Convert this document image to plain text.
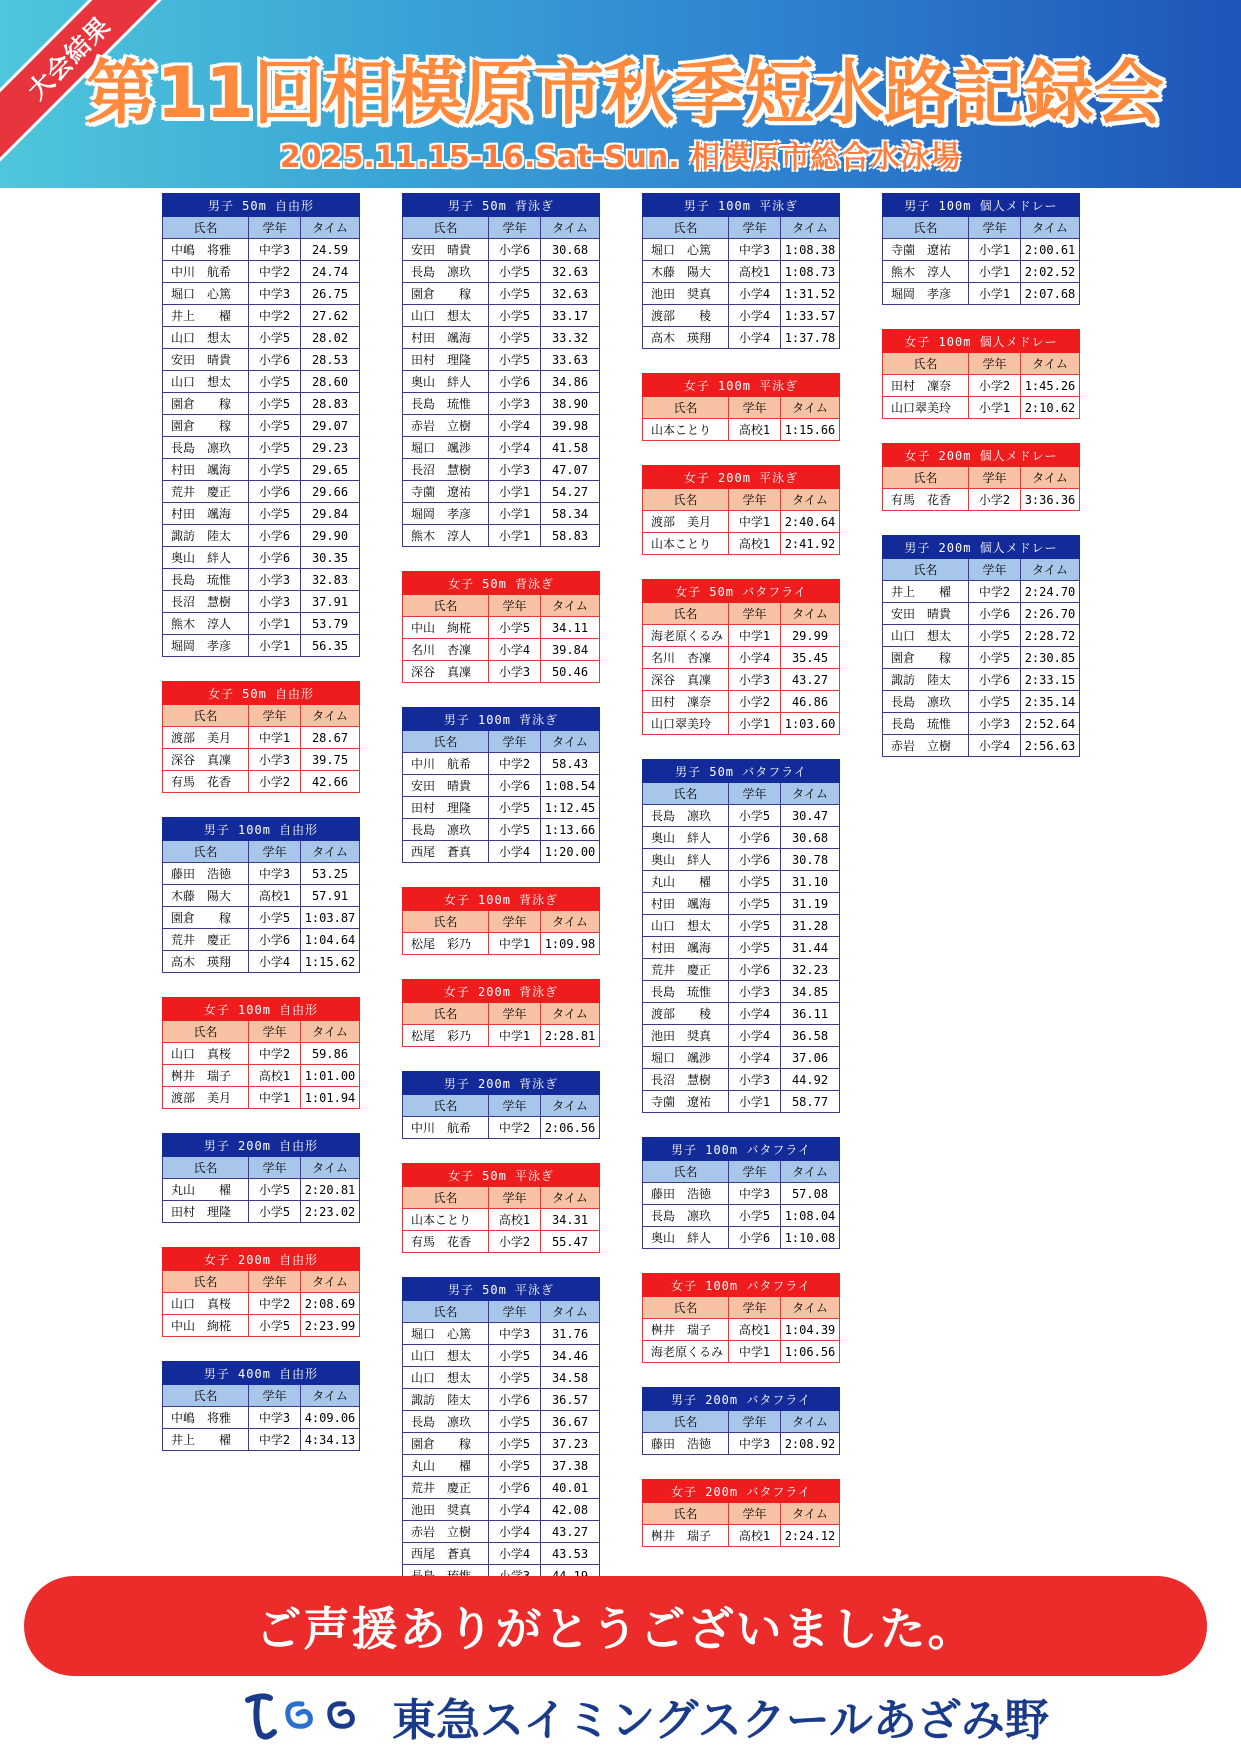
大会結果
第11回相模原市秋季短水路記録会
2025.11.15-16.Sat-Sun. 相模原市総合水泳場
男子 50m 自由形		
氏名	学年	タイム
中嶋　将雅	中学3	24.59
中川　航希	中学2	24.74
堀口　心篤	中学3	26.75
井上　　櫂	中学2	27.62
山口　想太	小学5	28.02
安田　晴貴	小学6	28.53
山口　想太	小学5	28.60
園倉　　稼	小学5	28.83
園倉　　稼	小学5	29.07
長島　凛玖	小学5	29.23
村田　颯海	小学5	29.65
荒井　慶正	小学6	29.66
村田　颯海	小学5	29.84
諏訪　陸太	小学6	29.90
奥山　絆人	小学6	30.35
長島　琉惟	小学3	32.83
長沼　慧樹	小学3	37.91
熊木　淳人	小学1	53.79
堀岡　孝彦	小学1	56.35
女子 50m 自由形		
氏名	学年	タイム
渡部　美月	中学1	28.67
深谷　真凜	小学3	39.75
有馬　花香	小学2	42.66
男子 100m 自由形		
氏名	学年	タイム
藤田　浩徳	中学3	53.25
木藤　陽大	高校1	57.91
園倉　　稼	小学5	1:03.87
荒井　慶正	小学6	1:04.64
高木　瑛翔	小学4	1:15.62
女子 100m 自由形		
氏名	学年	タイム
山口　真桜	中学2	59.86
桝井　瑞子	高校1	1:01.00
渡部　美月	中学1	1:01.94
男子 200m 自由形		
氏名	学年	タイム
丸山　　櫂	小学5	2:20.81
田村　理隆	小学5	2:23.02
女子 200m 自由形		
氏名	学年	タイム
山口　真桜	中学2	2:08.69
中山　絢椛	小学5	2:23.99
男子 400m 自由形		
氏名	学年	タイム
中嶋　将雅	中学3	4:09.06
井上　　櫂	中学2	4:34.13
男子 50m 背泳ぎ		
氏名	学年	タイム
安田　晴貴	小学6	30.68
長島　凛玖	小学5	32.63
園倉　　稼	小学5	32.63
山口　想太	小学5	33.17
村田　颯海	小学5	33.32
田村　理隆	小学5	33.63
奥山　絆人	小学6	34.86
長島　琉惟	小学3	38.90
赤岩　立樹	小学4	39.98
堀口　颯渉	小学4	41.58
長沼　慧樹	小学3	47.07
寺薗　遼祐	小学1	54.27
堀岡　孝彦	小学1	58.34
熊木　淳人	小学1	58.83
女子 50m 背泳ぎ		
氏名	学年	タイム
中山　絢椛	小学5	34.11
名川　杏凜	小学4	39.84
深谷　真凜	小学3	50.46
男子 100m 背泳ぎ		
氏名	学年	タイム
中川　航希	中学2	58.43
安田　晴貴	小学6	1:08.54
田村　理隆	小学5	1:12.45
長島　凛玖	小学5	1:13.66
西尾　蒼真	小学4	1:20.00
女子 100m 背泳ぎ		
氏名	学年	タイム
松尾　彩乃	中学1	1:09.98
女子 200m 背泳ぎ		
氏名	学年	タイム
松尾　彩乃	中学1	2:28.81
男子 200m 背泳ぎ		
氏名	学年	タイム
中川　航希	中学2	2:06.56
女子 50m 平泳ぎ		
氏名	学年	タイム
山本ことり	高校1	34.31
有馬　花香	小学2	55.47
男子 50m 平泳ぎ		
氏名	学年	タイム
堀口　心篤	中学3	31.76
山口　想太	小学5	34.46
山口　想太	小学5	34.58
諏訪　陸太	小学6	36.57
長島　凛玖	小学5	36.67
園倉　　稼	小学5	37.23
丸山　　櫂	小学5	37.38
荒井　慶正	小学6	40.01
池田　奨真	小学4	42.08
赤岩　立樹	小学4	43.27
西尾　蒼真	小学4	43.53

男子 100m 平泳ぎ		
氏名	学年	タイム
堀口　心篤	中学3	1:08.38
木藤　陽大	高校1	1:08.73
池田　奨真	小学4	1:31.52
渡部　　稜	小学4	1:33.57
高木　瑛翔	小学4	1:37.78
女子 100m 平泳ぎ		
氏名	学年	タイム
山本ことり	高校1	1:15.66
女子 200m 平泳ぎ		
氏名	学年	タイム
渡部　美月	中学1	2:40.64
山本ことり	高校1	2:41.92
女子 50m バタフライ		
氏名	学年	タイム
海老原くるみ	中学1	29.99
名川　杏凜	小学4	35.45
深谷　真凜	小学3	43.27
田村　凜奈	小学2	46.86
山口翠美玲	小学1	1:03.60
男子 50m バタフライ		
氏名	学年	タイム
長島　凛玖	小学5	30.47
奥山　絆人	小学6	30.68
奥山　絆人	小学6	30.78
丸山　　櫂	小学5	31.10
村田　颯海	小学5	31.19
山口　想太	小学5	31.28
村田　颯海	小学5	31.44
荒井　慶正	小学6	32.23
長島　琉惟	小学3	34.85
渡部　　稜	小学4	36.11
池田　奨真	小学4	36.58
堀口　颯渉	小学4	37.06
長沼　慧樹	小学3	44.92
寺薗　遼祐	小学1	58.77
男子 100m バタフライ		
氏名	学年	タイム
藤田　浩徳	中学3	57.08
長島　凛玖	小学5	1:08.04
奥山　絆人	小学6	1:10.08
女子 100m バタフライ		
氏名	学年	タイム
桝井　瑞子	高校1	1:04.39
海老原くるみ	中学1	1:06.56
男子 200m バタフライ		
氏名	学年	タイム
藤田　浩徳	中学3	2:08.92
女子 200m バタフライ		
氏名	学年	タイム
桝井　瑞子	高校1	2:24.12
男子 100m 個人メドレー		
氏名	学年	タイム
寺薗　遼祐	小学1	2:00.61
熊木　淳人	小学1	2:02.52
堀岡　孝彦	小学1	2:07.68
女子 100m 個人メドレー		
氏名	学年	タイム
田村　凜奈	小学2	1:45.26
山口翠美玲	小学1	2:10.62
女子 200m 個人メドレー		
氏名	学年	タイム
有馬　花香	小学2	3:36.36
男子 200m 個人メドレー		
氏名	学年	タイム
井上　　櫂	中学2	2:24.70
安田　晴貴	小学6	2:26.70
山口　想太	小学5	2:28.72
園倉　　稼	小学5	2:30.85
諏訪　陸太	小学6	2:33.15
長島　凛玖	小学5	2:35.14
長島　琉惟	小学3	2:52.64
赤岩　立樹	小学4	2:56.63
ご声援ありがとうございました。
東急スイミングスクールあざみ野
